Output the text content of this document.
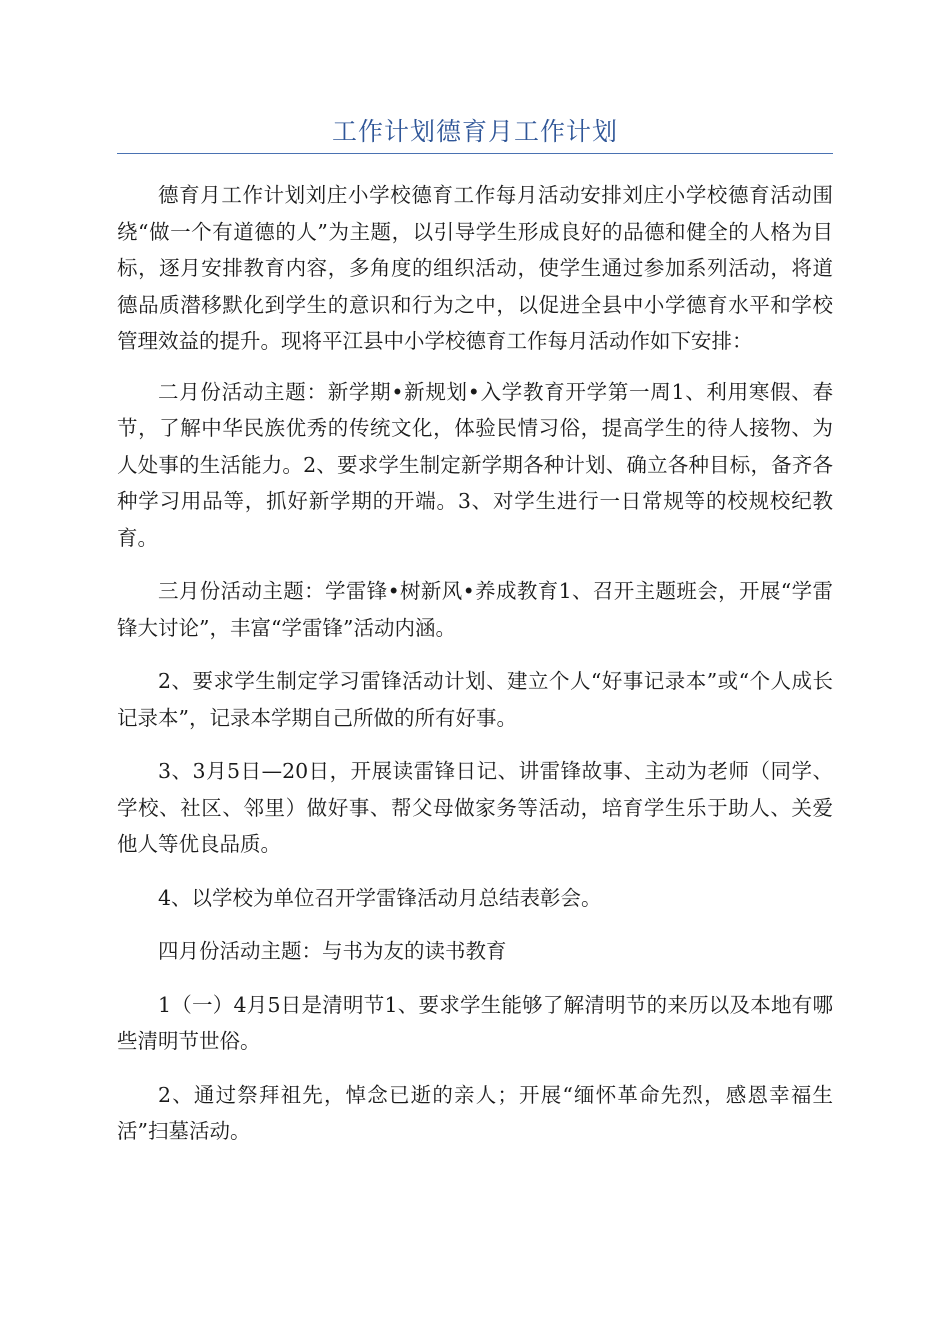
工作计划德育月工作计划

德育月工作计划刘庄小学校德育工作每月活动安排刘庄小学校德育活动围绕“做一个有道德的人”为主题，以引导学生形成良好的品德和健全的人格为目标，逐月安排教育内容，多角度的组织活动，使学生通过参加系列活动，将道德品质潜移默化到学生的意识和行为之中，以促进全县中小学德育水平和学校管理效益的提升。现将平江县中小学校德育工作每月活动作如下安排：

二月份活动主题：新学期•新规划•入学教育开学第一周1、利用寒假、春节，了解中华民族优秀的传统文化，体验民情习俗，提高学生的待人接物、为人处事的生活能力。2、要求学生制定新学期各种计划、确立各种目标，备齐各种学习用品等，抓好新学期的开端。3、对学生进行一日常规等的校规校纪教育。

三月份活动主题：学雷锋•树新风•养成教育1、召开主题班会，开展“学雷锋大讨论”，丰富“学雷锋”活动内涵。

2、要求学生制定学习雷锋活动计划、建立个人“好事记录本”或“个人成长记录本”，记录本学期自己所做的所有好事。

3、3月5日—20日，开展读雷锋日记、讲雷锋故事、主动为老师（同学、学校、社区、邻里）做好事、帮父母做家务等活动，培育学生乐于助人、关爱他人等优良品质。

4、以学校为单位召开学雷锋活动月总结表彰会。

四月份活动主题：与书为友的读书教育

1（一）4月5日是清明节1、要求学生能够了解清明节的来历以及本地有哪些清明节世俗。

2、通过祭拜祖先，悼念已逝的亲人；开展“缅怀革命先烈，感恩幸福生活”扫墓活动。
